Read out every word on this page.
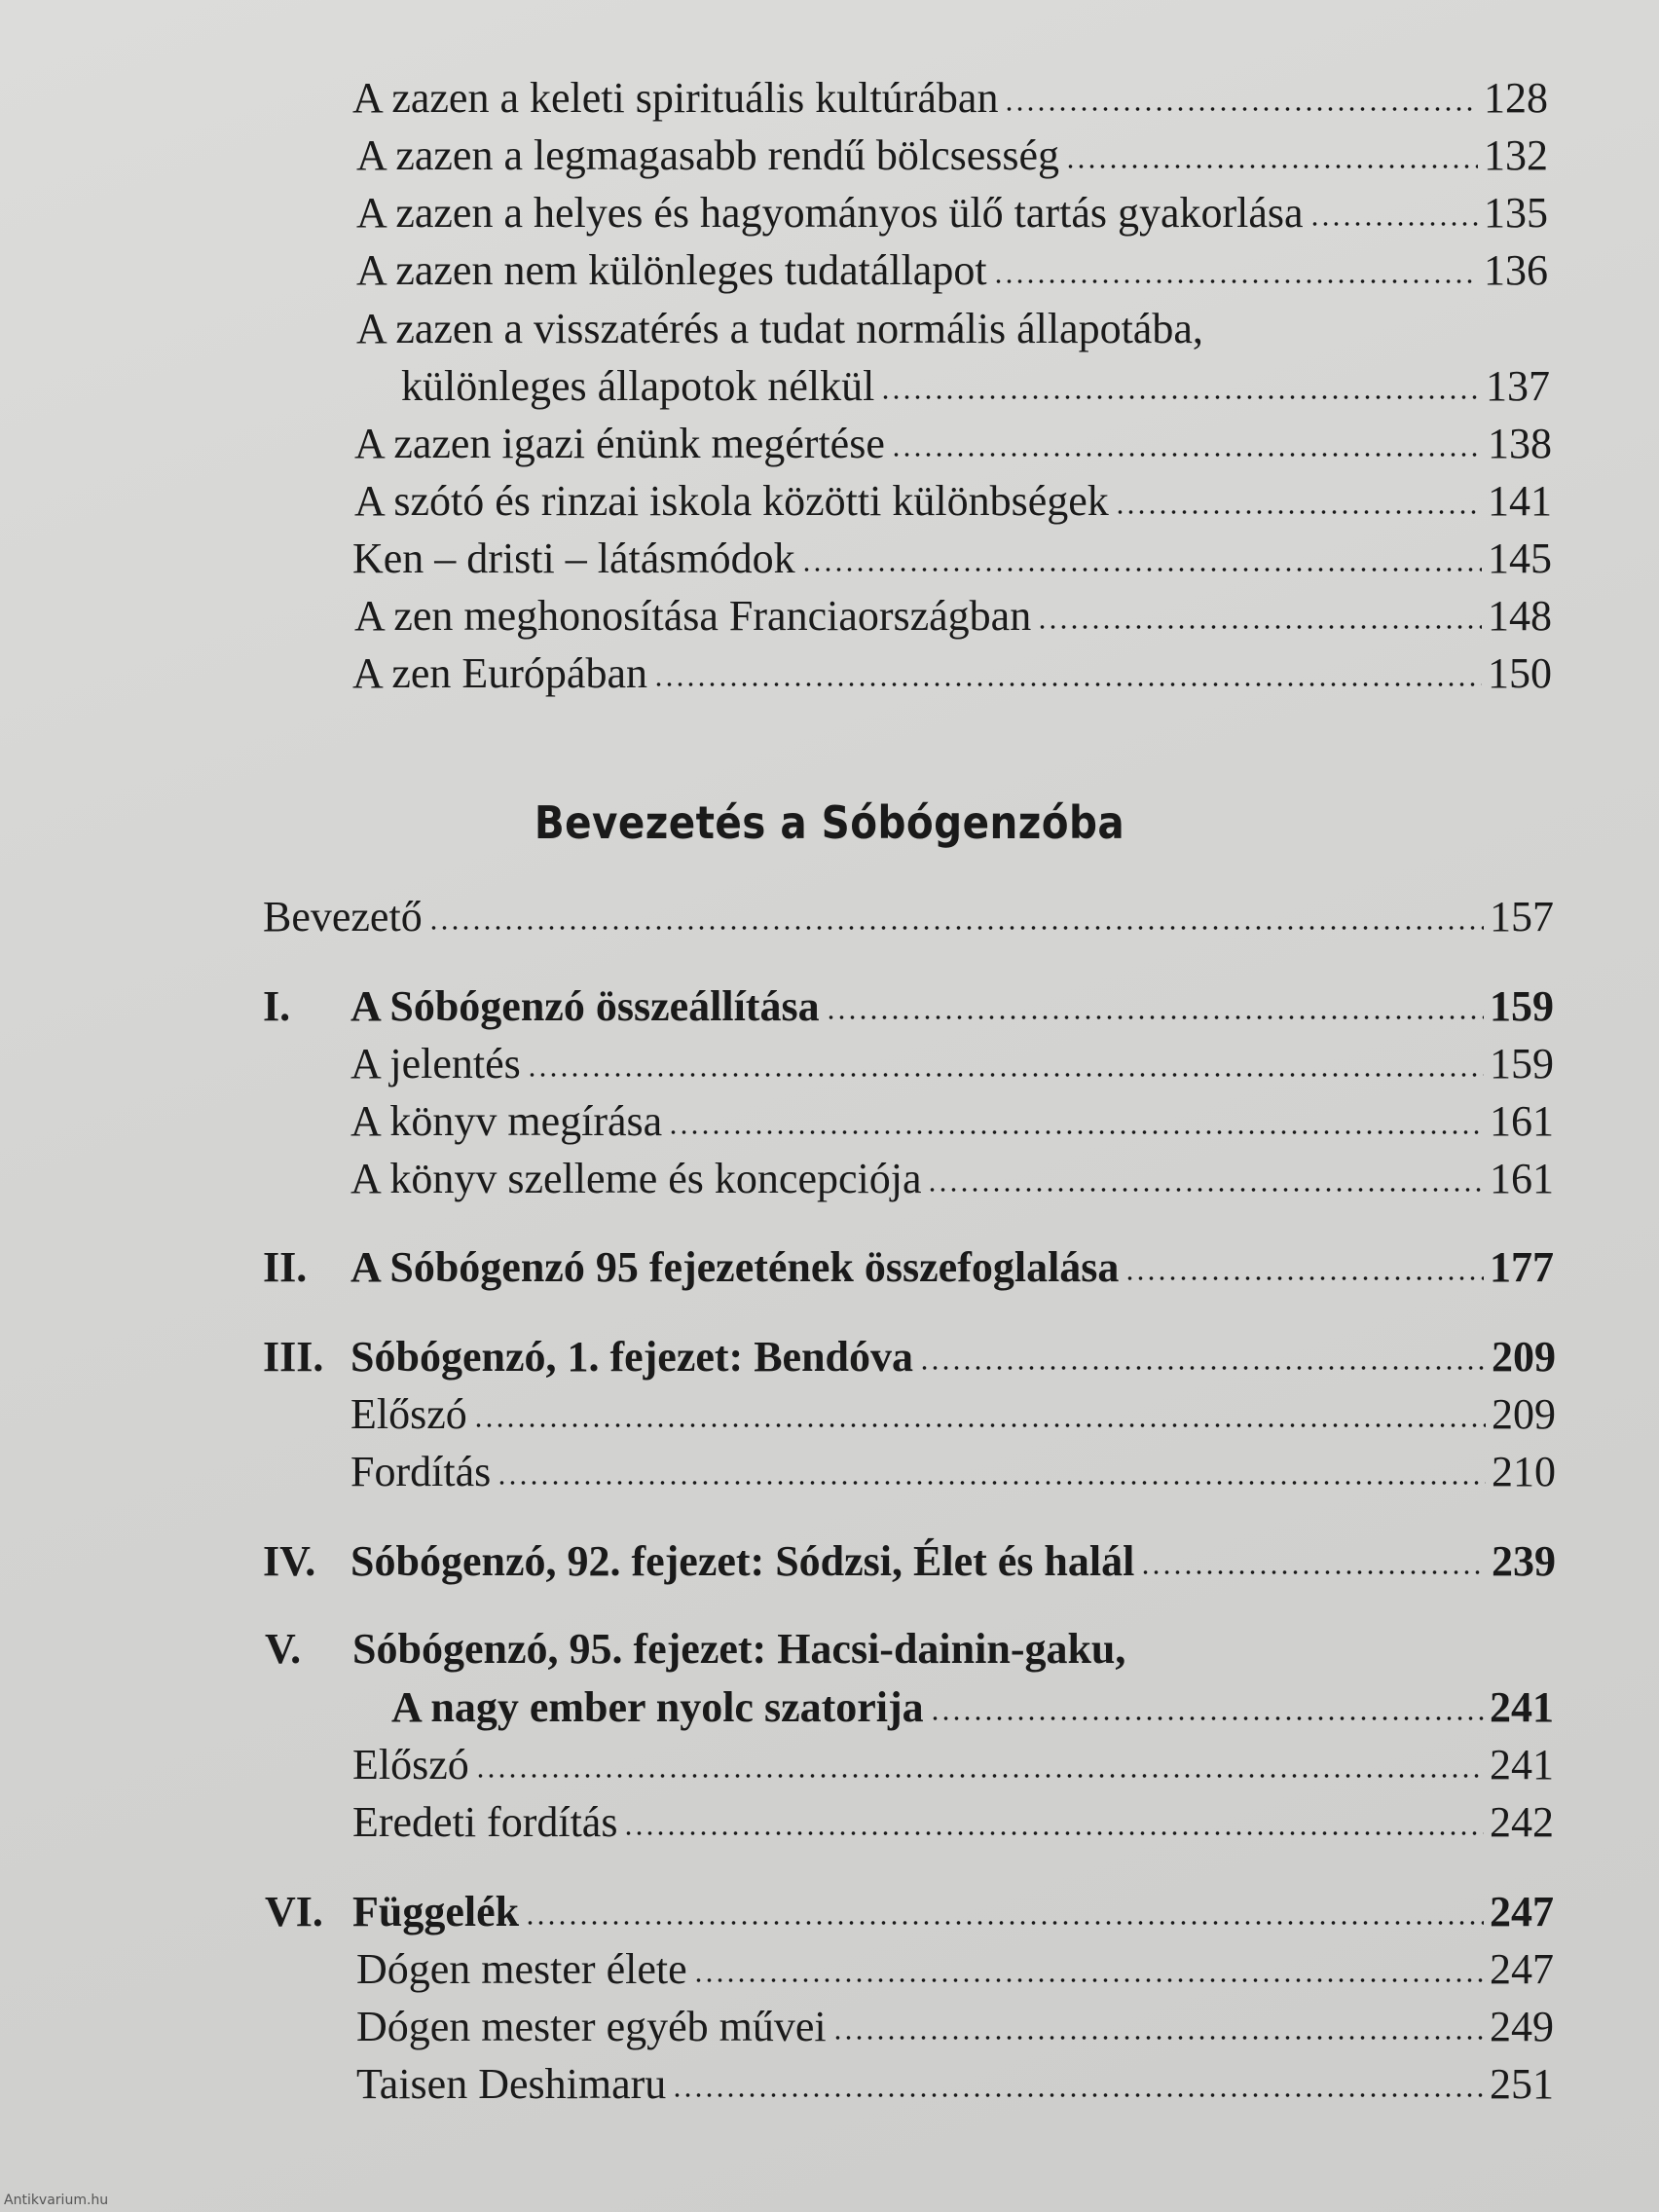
A zazen a keleti spirituális kultúrában	128
A zazen a legmagasabb rendű bölcsesség	132
A zazen a helyes és hagyományos ülő tartás gyakorlása	135
A zazen nem különleges tudatállapot	136
A zazen a visszatérés a tudat normális állapotába,
különleges állapotok nélkül	137
A zazen igazi énünk megértése	138
A szótó és rinzai iskola közötti különbségek	141
Ken – dristi – látásmódok	145
A zen meghonosítása Franciaországban	148
A zen Európában	150
Bevezetés a Sóbógenzóba
Bevezető	157
I. A Sóbógenzó összeállítása	159
A jelentés	159
A könyv megírása	161
A könyv szelleme és koncepciója	161
II. A Sóbógenzó 95 fejezetének összefoglalása	177
III. Sóbógenzó, 1. fejezet: Bendóva	209
Előszó	209
Fordítás	210
IV. Sóbógenzó, 92. fejezet: Sódzsi, Élet és halál	239
V. Sóbógenzó, 95. fejezet: Hacsi-dainin-gaku,
A nagy ember nyolc szatorija	241
Előszó	241
Eredeti fordítás	242
VI. Függelék	247
Dógen mester élete	247
Dógen mester egyéb művei	249
Taisen Deshimaru	251
Antikvarium.hu
